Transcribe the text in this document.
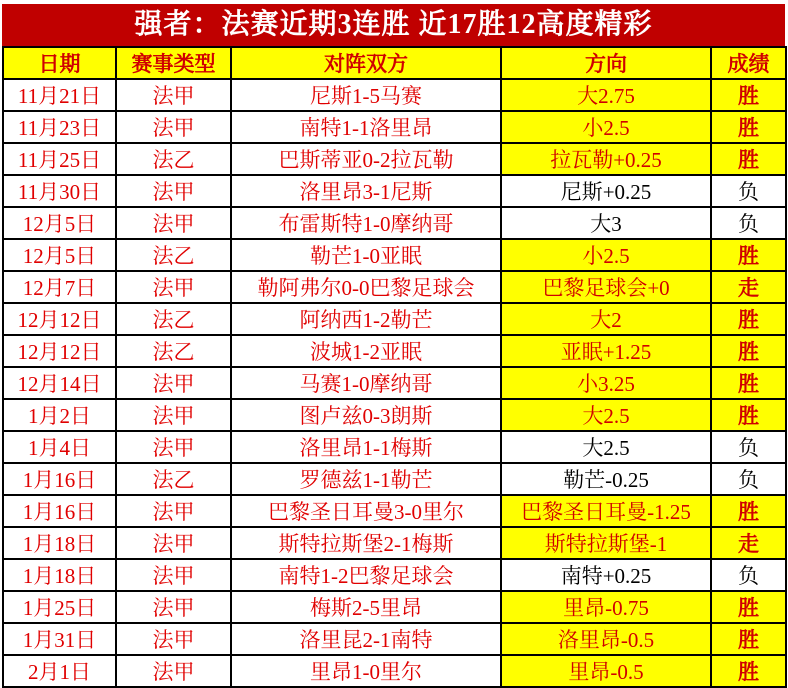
强者：法赛近期3连胜 近17胜12高度精彩
日期	赛事类型	对阵双方	方向	成绩
11月21日	法甲	尼斯1-5马赛	大2.75	胜
11月23日	法甲	南特1-1洛里昂	小2.5	胜
11月25日	法乙	巴斯蒂亚0-2拉瓦勒	拉瓦勒+0.25	胜
11月30日	法甲	洛里昂3-1尼斯	尼斯+0.25	负
12月5日	法甲	布雷斯特1-0摩纳哥	大3	负
12月5日	法乙	勒芒1-0亚眠	小2.5	胜
12月7日	法甲	勒阿弗尔0-0巴黎足球会	巴黎足球会+0	走
12月12日	法乙	阿纳西1-2勒芒	大2	胜
12月12日	法乙	波城1-2亚眠	亚眠+1.25	胜
12月14日	法甲	马赛1-0摩纳哥	小3.25	胜
1月2日	法甲	图卢兹0-3朗斯	大2.5	胜
1月4日	法甲	洛里昂1-1梅斯	大2.5	负
1月16日	法乙	罗德兹1-1勒芒	勒芒-0.25	负
1月16日	法甲	巴黎圣日耳曼3-0里尔	巴黎圣日耳曼-1.25	胜
1月18日	法甲	斯特拉斯堡2-1梅斯	斯特拉斯堡-1	走
1月18日	法甲	南特1-2巴黎足球会	南特+0.25	负
1月25日	法甲	梅斯2-5里昂	里昂-0.75	胜
1月31日	法甲	洛里昆2-1南特	洛里昂-0.5	胜
2月1日	法甲	里昂1-0里尔	里昂-0.5	胜
